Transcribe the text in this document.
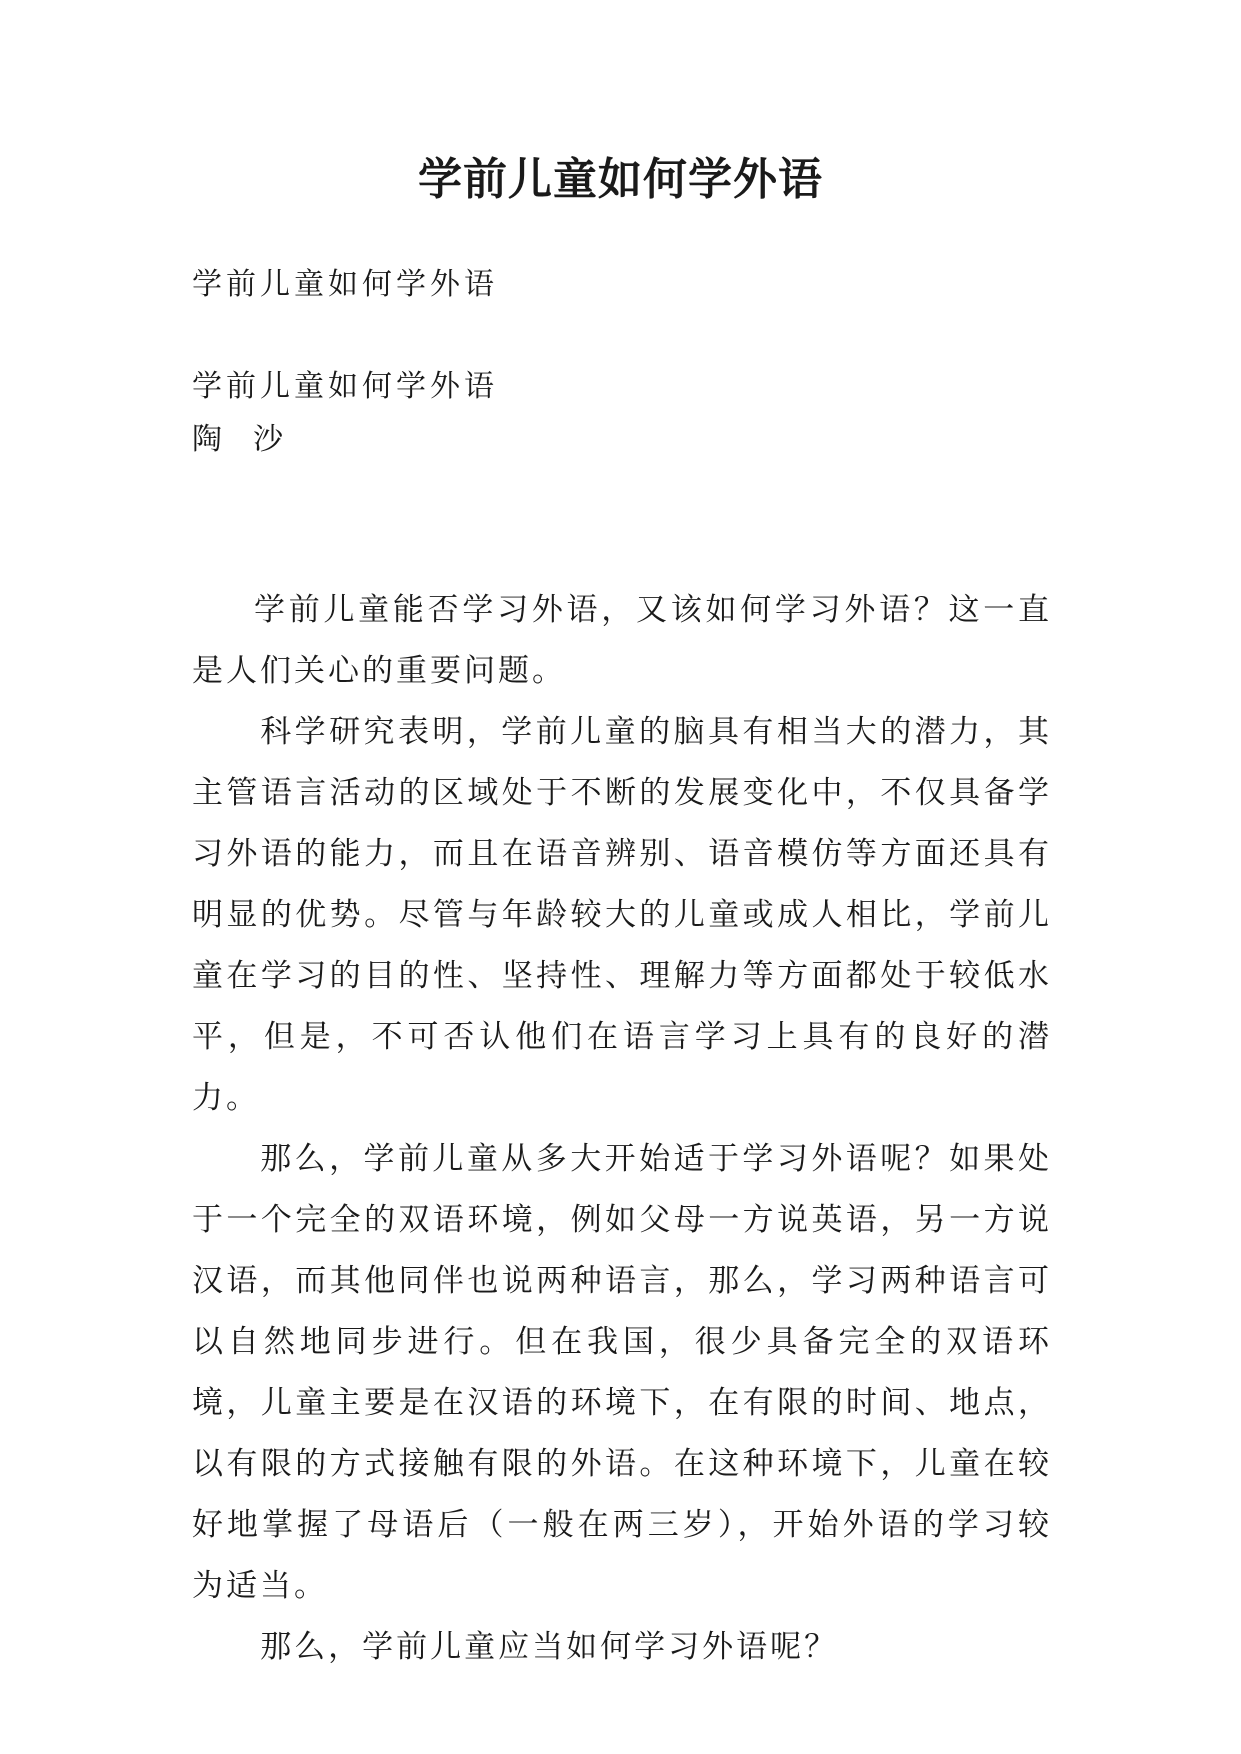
学前儿童如何学外语
学前儿童如何学外语
学前儿童如何学外语
陶  沙

学前儿童能否学习外语，又该如何学习外语？这一直是人们关心的重要问题。

科学研究表明，学前儿童的脑具有相当大的潜力，其主管语言活动的区域处于不断的发展变化中，不仅具备学习外语的能力，而且在语音辨别、语音模仿等方面还具有明显的优势。尽管与年龄较大的儿童或成人相比，学前儿童在学习的目的性、坚持性、理解力等方面都处于较低水平，但是，不可否认他们在语言学习上具有的良好的潜力。

那么，学前儿童从多大开始适于学习外语呢？如果处于一个完全的双语环境，例如父母一方说英语，另一方说汉语，而其他同伴也说两种语言，那么，学习两种语言可以自然地同步进行。但在我国，很少具备完全的双语环境，儿童主要是在汉语的环境下，在有限的时间、地点，以有限的方式接触有限的外语。在这种环境下，儿童在较好地掌握了母语后（一般在两三岁），开始外语的学习较为适当。

那么，学前儿童应当如何学习外语呢？
